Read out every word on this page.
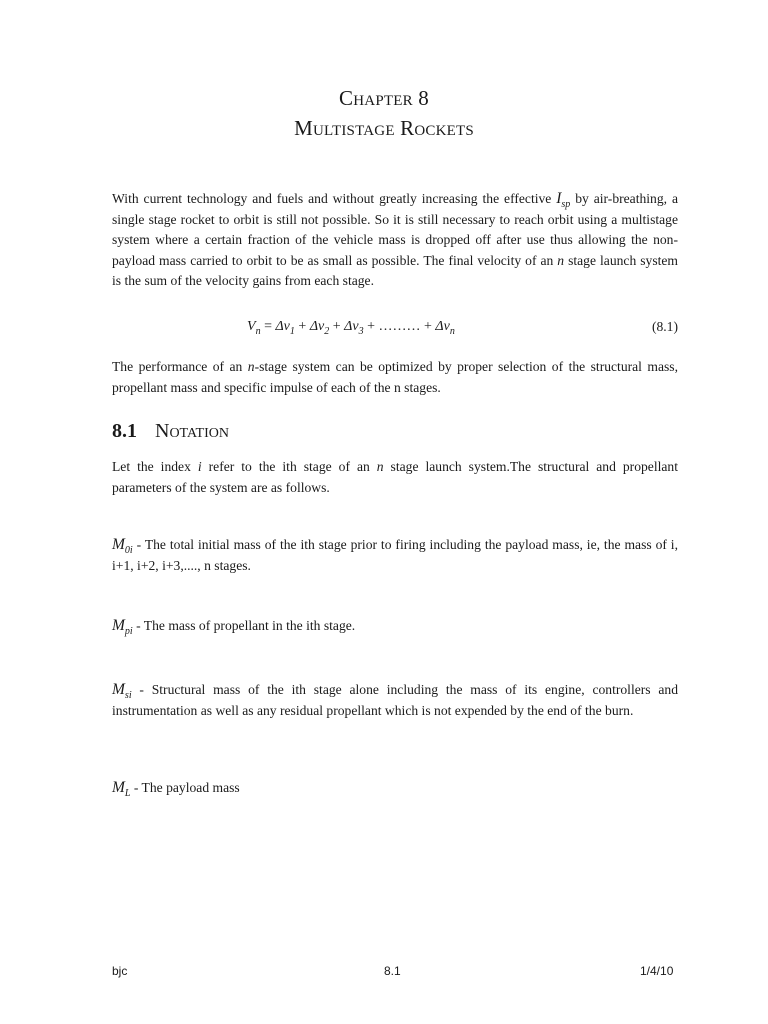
Chapter 8
Multistage Rockets

With current technology and fuels and without greatly increasing the effective $I_{sp}$ by air-breathing, a single stage rocket to orbit is still not possible. So it is still necessary to reach orbit using a multistage system where a certain fraction of the vehicle mass is dropped off after use thus allowing the non-payload mass carried to orbit to be as small as possible. The final velocity of an n stage launch system is the sum of the velocity gains from each stage.

$V_n = \Delta v_1 + \Delta v_2 + \Delta v_3$ + ……… + $\Delta v_n$	(8.1)

The performance of an n-stage system can be optimized by proper selection of the structural mass, propellant mass and specific impulse of each of the n stages.

8.1 Notation

Let the index i refer to the ith stage of an n stage launch system.The structural and propellant parameters of the system are as follows.

$M_{0i}$ - The total initial mass of the ith stage prior to firing including the payload mass, ie, the mass of i, i+1, i+2, i+3,...., n stages.

$M_{pi}$ - The mass of propellant in the ith stage.

$M_{si}$ - Structural mass of the ith stage alone including the mass of its engine, controllers and instrumentation as well as any residual propellant which is not expended by the end of the burn.

$M_L$ - The payload mass

bjc	8.1	1/4/10
